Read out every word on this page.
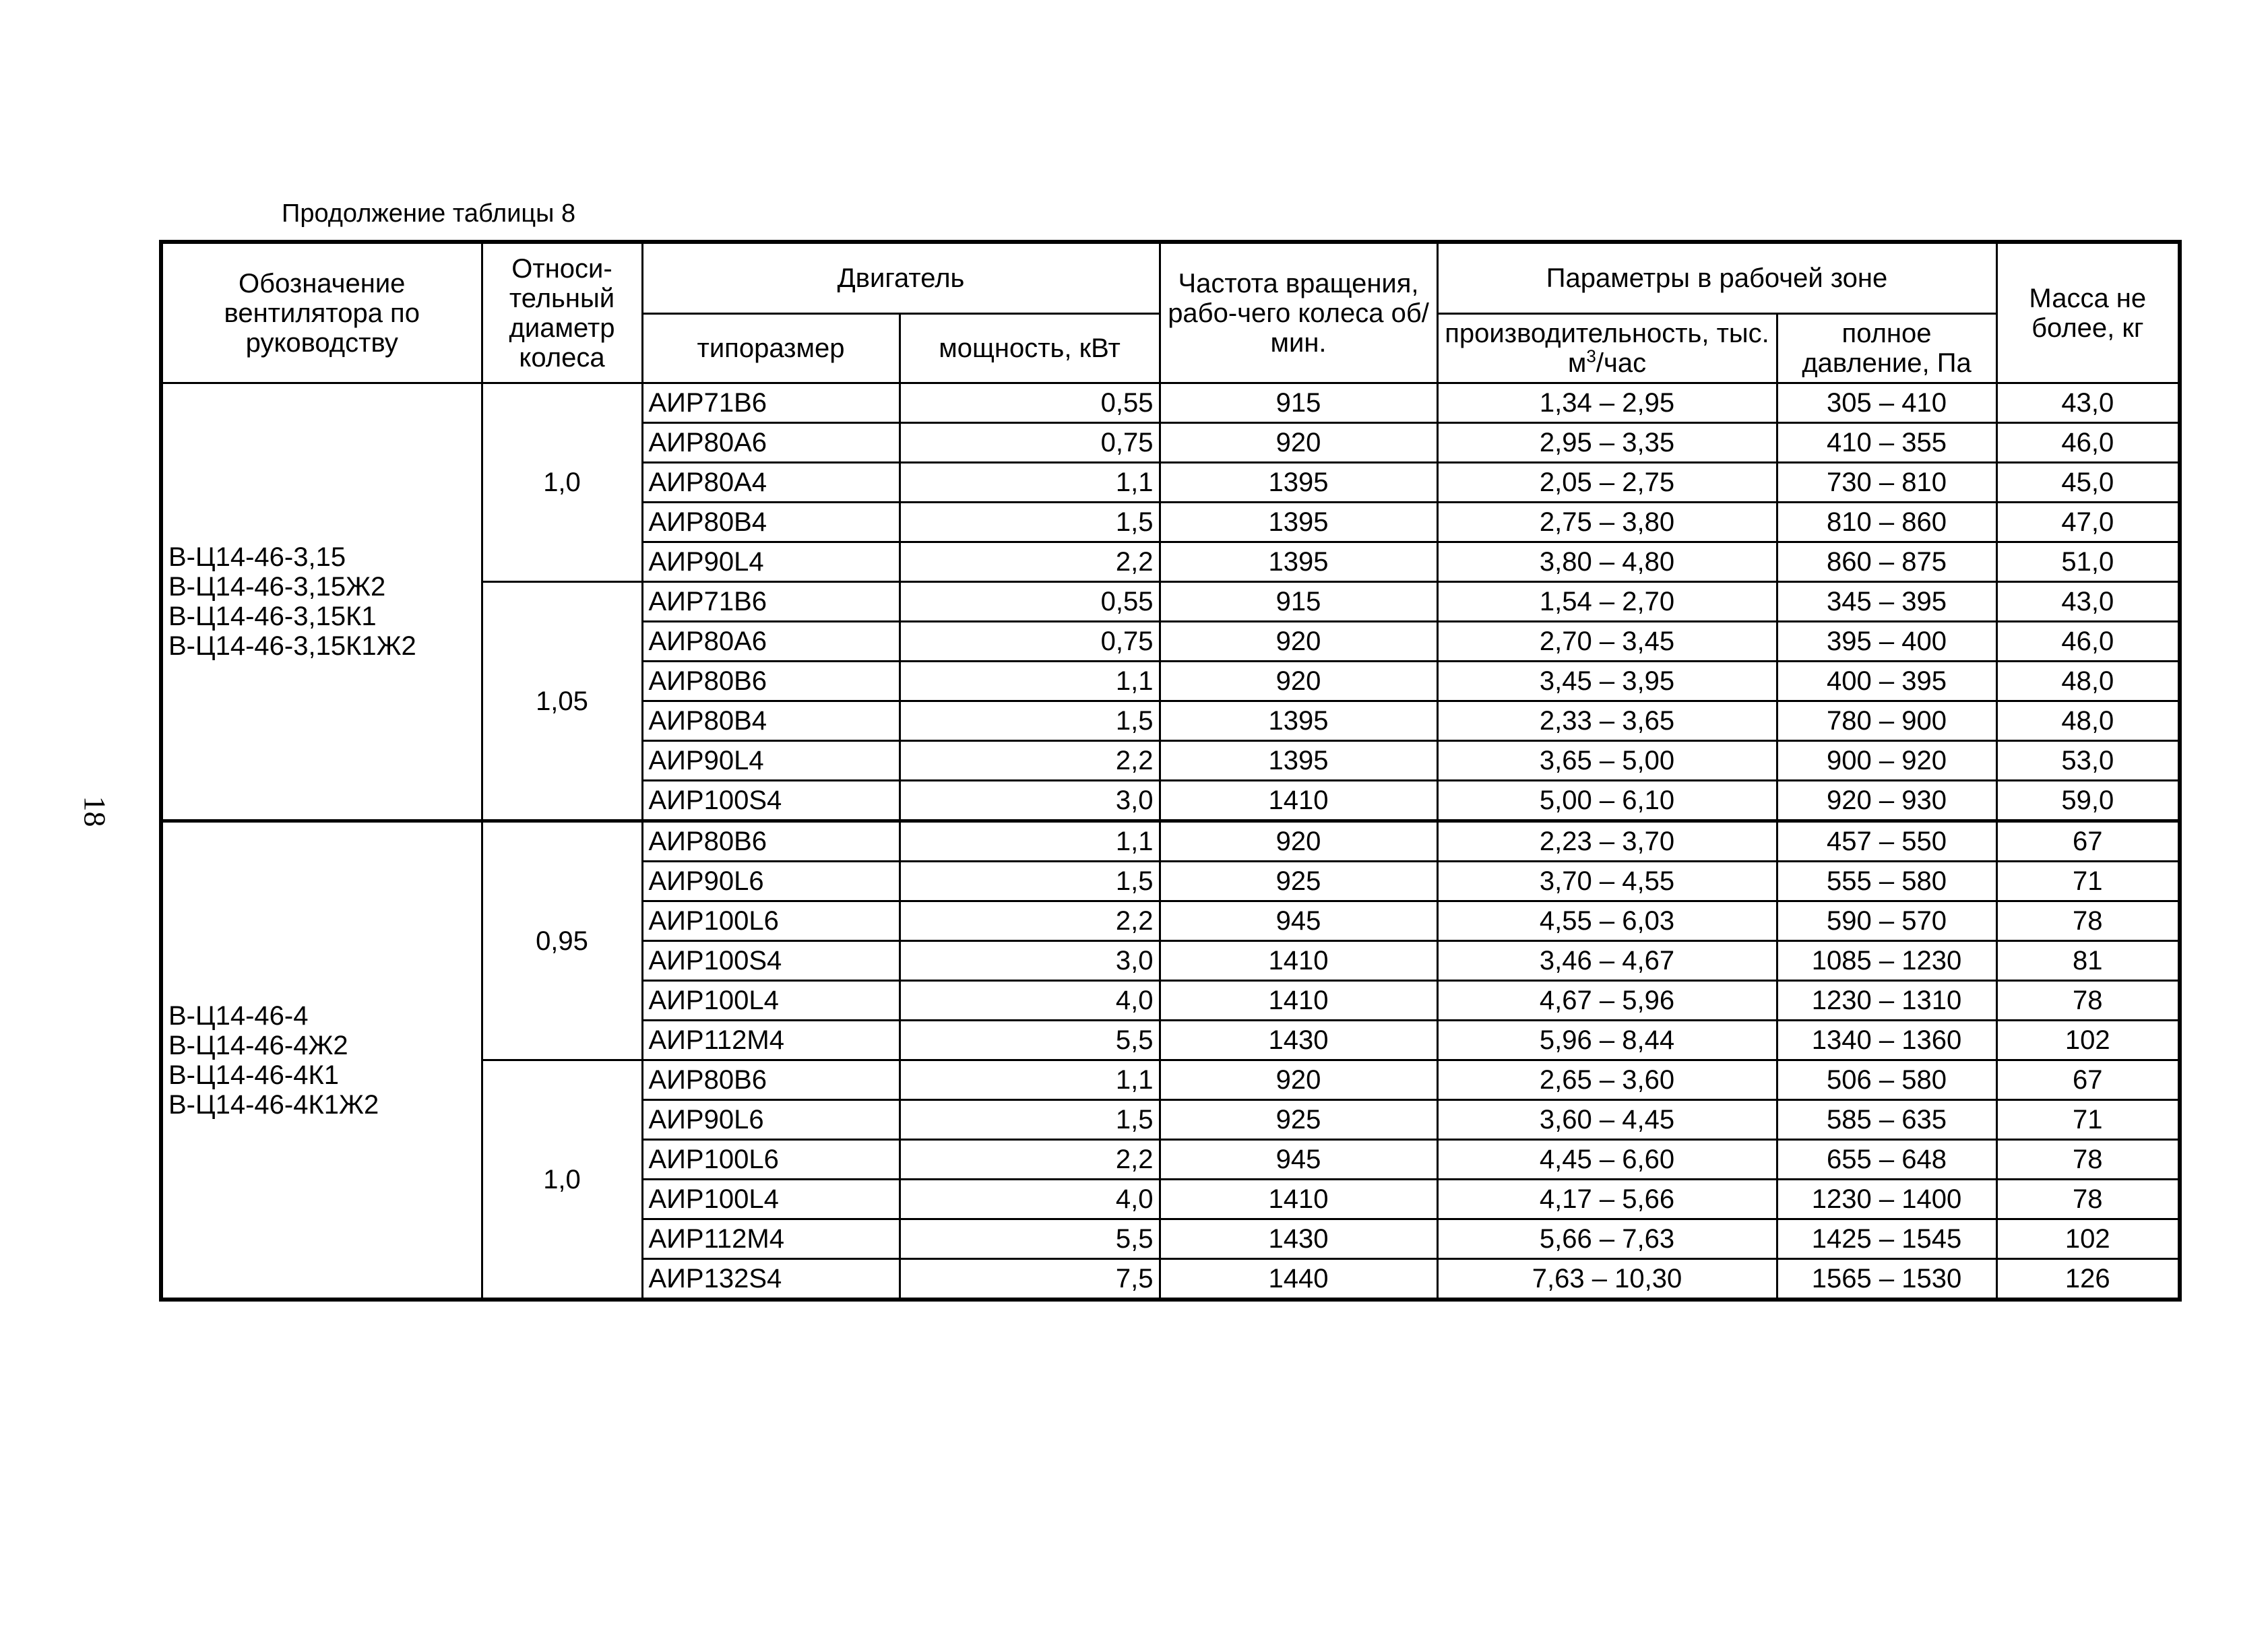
Продолжение таблицы 8
18
Обозначение вентилятора по руководству	Относи-тельный диаметр колеса	Двигатель		Частота вращения, рабо-чего колеса об/мин.	Параметры в рабочей зоне		Масса не более, кг
		типоразмер	мощность, кВт		производительность, тыс. $м^3$/час	полное давление, Па	

В-Ц14-46-3,15
В-Ц14-46-3,15Ж2
В-Ц14-46-3,15К1
В-Ц14-46-3,15К1Ж2	1,0	АИР71В6	0,55	915	1,34 – 2,95	305 – 410	43,0
		АИР80А6	0,75	920	2,95 – 3,35	410 – 355	46,0
		АИР80А4	1,1	1395	2,05 – 2,75	730 – 810	45,0
		АИР80В4	1,5	1395	2,75 – 3,80	810 – 860	47,0
		АИР90L4	2,2	1395	3,80 – 4,80	860 – 875	51,0
	1,05	АИР71В6	0,55	915	1,54 – 2,70	345 – 395	43,0
		АИР80А6	0,75	920	2,70 – 3,45	395 – 400	46,0
		АИР80В6	1,1	920	3,45 – 3,95	400 – 395	48,0
		АИР80В4	1,5	1395	2,33 – 3,65	780 – 900	48,0
		АИР90L4	2,2	1395	3,65 – 5,00	900 – 920	53,0
		АИР100S4	3,0	1410	5,00 – 6,10	920 – 930	59,0

В-Ц14-46-4
В-Ц14-46-4Ж2
В-Ц14-46-4К1
В-Ц14-46-4К1Ж2	0,95	АИР80В6	1,1	920	2,23 – 3,70	457 – 550	67
		АИР90L6	1,5	925	3,70 – 4,55	555 – 580	71
		АИР100L6	2,2	945	4,55 – 6,03	590 – 570	78
		АИР100S4	3,0	1410	3,46 – 4,67	1085 – 1230	81
		АИР100L4	4,0	1410	4,67 – 5,96	1230 – 1310	78
		АИР112М4	5,5	1430	5,96 – 8,44	1340 – 1360	102
	1,0	АИР80В6	1,1	920	2,65 – 3,60	506 – 580	67
		АИР90L6	1,5	925	3,60 – 4,45	585 – 635	71
		АИР100L6	2,2	945	4,45 – 6,60	655 – 648	78
		АИР100L4	4,0	1410	4,17 – 5,66	1230 – 1400	78
		АИР112М4	5,5	1430	5,66 – 7,63	1425 – 1545	102
		АИР132S4	7,5	1440	7,63 – 10,30	1565 – 1530	126
